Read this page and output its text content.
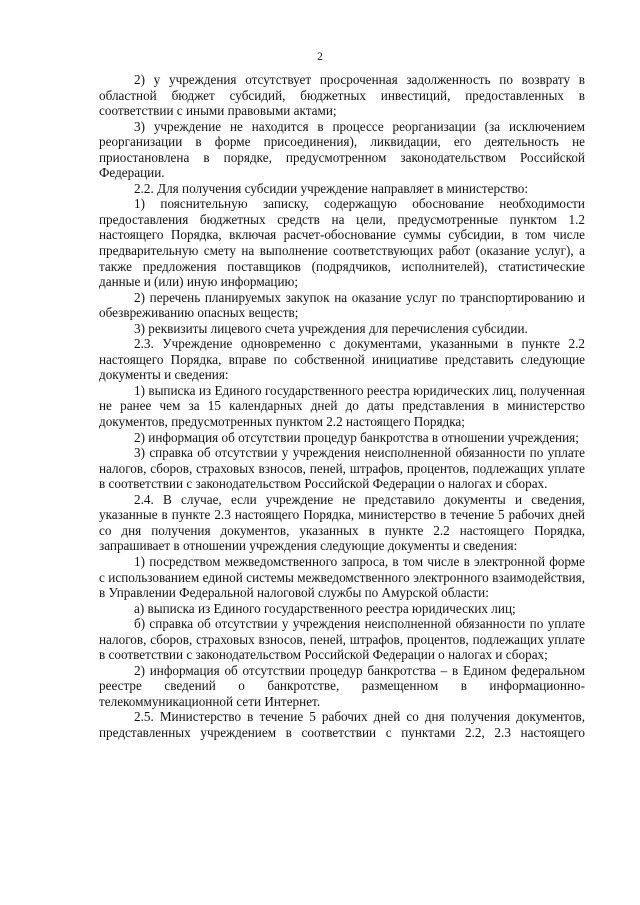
2

2) у учреждения отсутствует просроченная задолженность по возврату в областной бюджет субсидий, бюджетных инвестиций, предоставленных в соответствии с иными правовыми актами;

3) учреждение не находится в процессе реорганизации (за исключением реорганизации в форме присоединения), ликвидации, его деятельность не приостановлена в порядке, предусмотренном законодательством Российской Федерации.

2.2. Для получения субсидии учреждение направляет в министерство:

1) пояснительную записку, содержащую обоснование необходимости предоставления бюджетных средств на цели, предусмотренные пунктом 1.2 настоящего Порядка, включая расчет-обоснование суммы субсидии, в том числе предварительную смету на выполнение соответствующих работ (оказание услуг), а также предложения поставщиков (подрядчиков, исполнителей), статистические данные и (или) иную информацию;

2) перечень планируемых закупок на оказание услуг по транспортированию и обезвреживанию опасных веществ;

3) реквизиты лицевого счета учреждения для перечисления субсидии.

2.3. Учреждение одновременно с документами, указанными в пункте 2.2 настоящего Порядка, вправе по собственной инициативе представить следующие документы и сведения:

1) выписка из Единого государственного реестра юридических лиц, полученная не ранее чем за 15 календарных дней до даты представления в министерство документов, предусмотренных пунктом 2.2 настоящего Порядка;

2) информация об отсутствии процедур банкротства в отношении учреждения;

3) справка об отсутствии у учреждения неисполненной обязанности по уплате налогов, сборов, страховых взносов, пеней, штрафов, процентов, подлежащих уплате в соответствии с законодательством Российской Федерации о налогах и сборах.

2.4. В случае, если учреждение не представило документы и сведения, указанные в пункте 2.3 настоящего Порядка, министерство в течение 5 рабочих дней со дня получения документов, указанных в пункте 2.2 настоящего Порядка, запрашивает в отношении учреждения следующие документы и сведения:

1) посредством межведомственного запроса, в том числе в электронной форме с использованием единой системы межведомственного электронного взаимодействия, в Управлении Федеральной налоговой службы по Амурской области:

а) выписка из Единого государственного реестра юридических лиц;

б) справка об отсутствии у учреждения неисполненной обязанности по уплате налогов, сборов, страховых взносов, пеней, штрафов, процентов, подлежащих уплате в соответствии с законодательством Российской Федерации о налогах и сборах;

2) информация об отсутствии процедур банкротства – в Едином федеральном реестре сведений о банкротстве, размещенном в информационно-телекоммуникационной сети Интернет.

2.5. Министерство в течение 5 рабочих дней со дня получения документов, представленных учреждением в соответствии с пунктами 2.2, 2.3 настоящего
